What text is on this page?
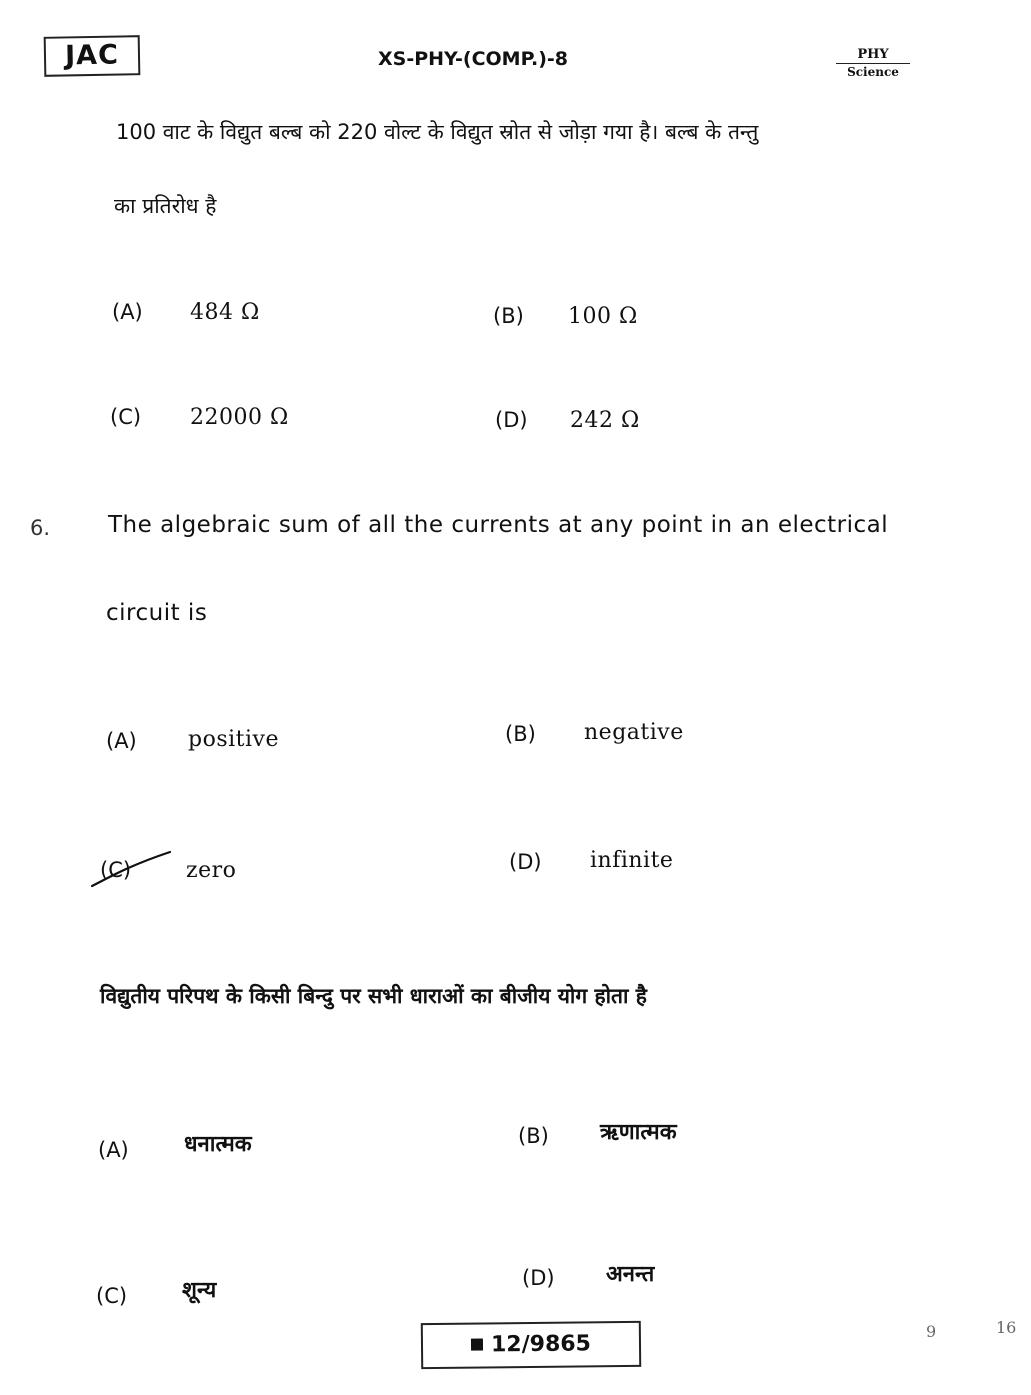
JAC	XS-PHY-(COMP.)-8	PHY
Science
100 वाट के विद्युत बल्ब को 220 वोल्ट के विद्युत स्रोत से जोड़ा गया है। बल्ब के तन्तु
का प्रतिरोध है
(A) 484 Ω	(B) 100 Ω
(C) 22000 Ω	(D) 242 Ω
6.	The algebraic sum of all the currents at any point in an electrical
circuit is
(A) positive	(B) negative
(C) zero	(D) infinite
विद्युतीय परिपथ के किसी बिन्दु पर सभी धाराओं का बीजीय योग होता है
(A)	धनात्मक	(B) ऋणात्मक
(C) शून्य	(D) अनन्त
12/9865	9	16
